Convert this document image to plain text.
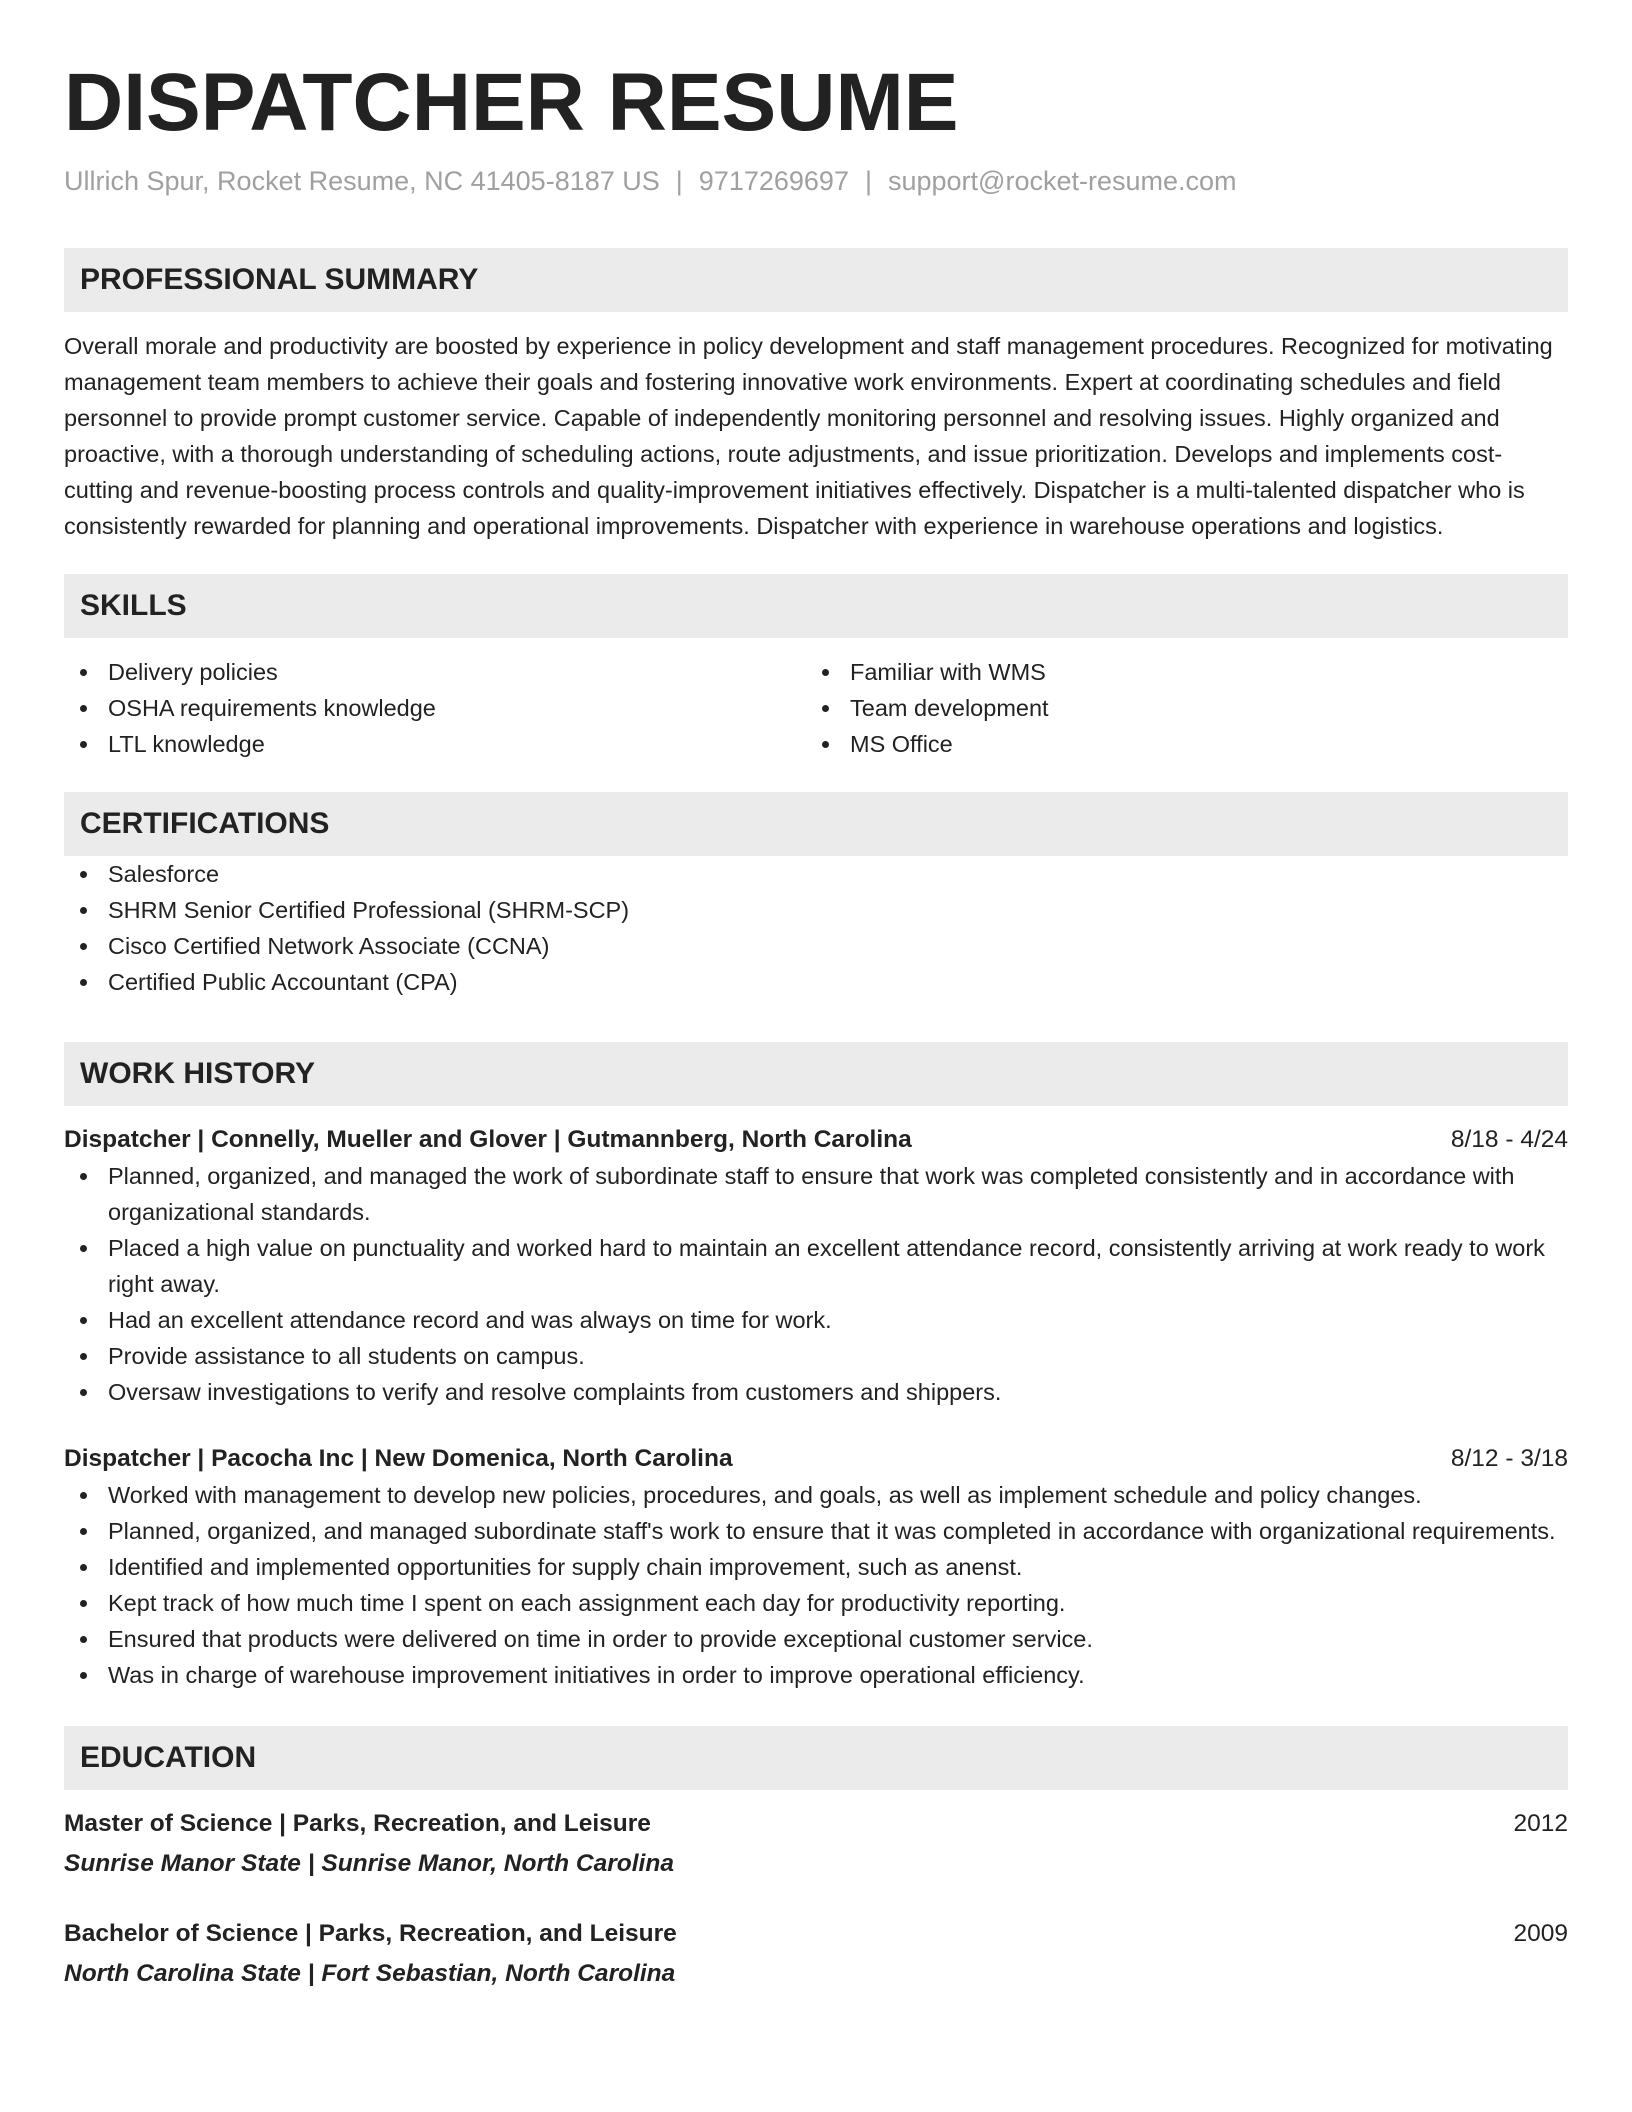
DISPATCHER RESUME
Ullrich Spur, Rocket Resume, NC 41405-8187 US | 9717269697 | support@rocket-resume.com
PROFESSIONAL SUMMARY
Overall morale and productivity are boosted by experience in policy development and staff management procedures. Recognized for motivating management team members to achieve their goals and fostering innovative work environments. Expert at coordinating schedules and field personnel to provide prompt customer service. Capable of independently monitoring personnel and resolving issues. Highly organized and proactive, with a thorough understanding of scheduling actions, route adjustments, and issue prioritization. Develops and implements cost-cutting and revenue-boosting process controls and quality-improvement initiatives effectively. Dispatcher is a multi-talented dispatcher who is consistently rewarded for planning and operational improvements. Dispatcher with experience in warehouse operations and logistics.
SKILLS
Delivery policies
OSHA requirements knowledge
LTL knowledge
Familiar with WMS
Team development
MS Office
CERTIFICATIONS
Salesforce
SHRM Senior Certified Professional (SHRM-SCP)
Cisco Certified Network Associate (CCNA)
Certified Public Accountant (CPA)
WORK HISTORY
Dispatcher | Connelly, Mueller and Glover | Gutmannberg, North Carolina	8/18 - 4/24
Planned, organized, and managed the work of subordinate staff to ensure that work was completed consistently and in accordance with organizational standards.
Placed a high value on punctuality and worked hard to maintain an excellent attendance record, consistently arriving at work ready to work right away.
Had an excellent attendance record and was always on time for work.
Provide assistance to all students on campus.
Oversaw investigations to verify and resolve complaints from customers and shippers.
Dispatcher | Pacocha Inc | New Domenica, North Carolina	8/12 - 3/18
Worked with management to develop new policies, procedures, and goals, as well as implement schedule and policy changes.
Planned, organized, and managed subordinate staff's work to ensure that it was completed in accordance with organizational requirements.
Identified and implemented opportunities for supply chain improvement, such as anenst.
Kept track of how much time I spent on each assignment each day for productivity reporting.
Ensured that products were delivered on time in order to provide exceptional customer service.
Was in charge of warehouse improvement initiatives in order to improve operational efficiency.
EDUCATION
Master of Science | Parks, Recreation, and Leisure	2012
Sunrise Manor State | Sunrise Manor, North Carolina
Bachelor of Science | Parks, Recreation, and Leisure	2009
North Carolina State | Fort Sebastian, North Carolina
